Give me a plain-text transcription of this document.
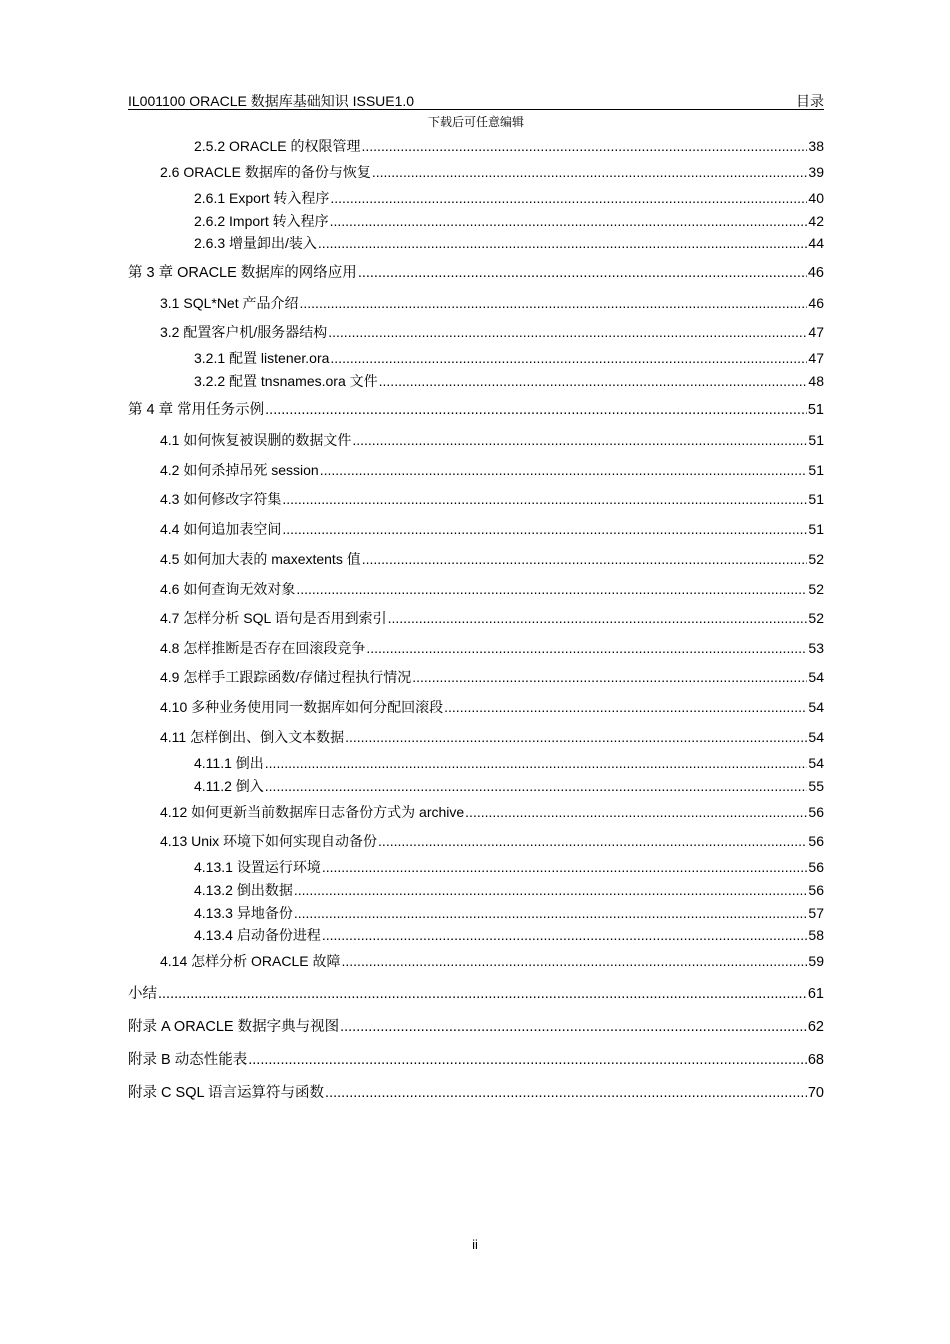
IL001100 ORACLE 数据库基础知识 ISSUE1.0	目录
下载后可任意编辑
2.5.2 ORACLE 的权限管理 .....	38
2.6 ORACLE 数据库的备份与恢复 .....	39
2.6.1 Export 转入程序 .....	40
2.6.2 Import 转入程序 .....	42
2.6.3 增量卸出/装入 .....	44
第 3 章 ORACLE 数据库的网络应用 .....	46
3.1 SQL*Net 产品介绍 .....	46
3.2 配置客户机/服务器结构 .....	47
3.2.1 配置 listener.ora .....	47
3.2.2 配置 tnsnames.ora 文件 .....	48
第 4 章 常用任务示例 .....	51
4.1 如何恢复被误删的数据文件 .....	51
4.2 如何杀掉吊死 session .....	51
4.3 如何修改字符集 .....	51
4.4 如何追加表空间 .....	51
4.5 如何加大表的 maxextents 值 .....	52
4.6 如何查询无效对象 .....	52
4.7 怎样分析 SQL 语句是否用到索引 .....	52
4.8 怎样推断是否存在回滚段竞争 .....	53
4.9 怎样手工跟踪函数/存储过程执行情况 .....	54
4.10 多种业务使用同一数据库如何分配回滚段 .....	54
4.11 怎样倒出、倒入文本数据 .....	54
4.11.1 倒出 .....	54
4.11.2 倒入 .....	55
4.12 如何更新当前数据库日志备份方式为 archive .....	56
4.13 Unix 环境下如何实现自动备份 .....	56
4.13.1 设置运行环境 .....	56
4.13.2 倒出数据 .....	56
4.13.3 异地备份 .....	57
4.13.4 启动备份进程 .....	58
4.14 怎样分析 ORACLE 故障 .....	59
小结 .....	61
附录 A ORACLE 数据字典与视图 .....	62
附录 B 动态性能表 .....	68
附录 C SQL 语言运算符与函数 .....	70
ii
